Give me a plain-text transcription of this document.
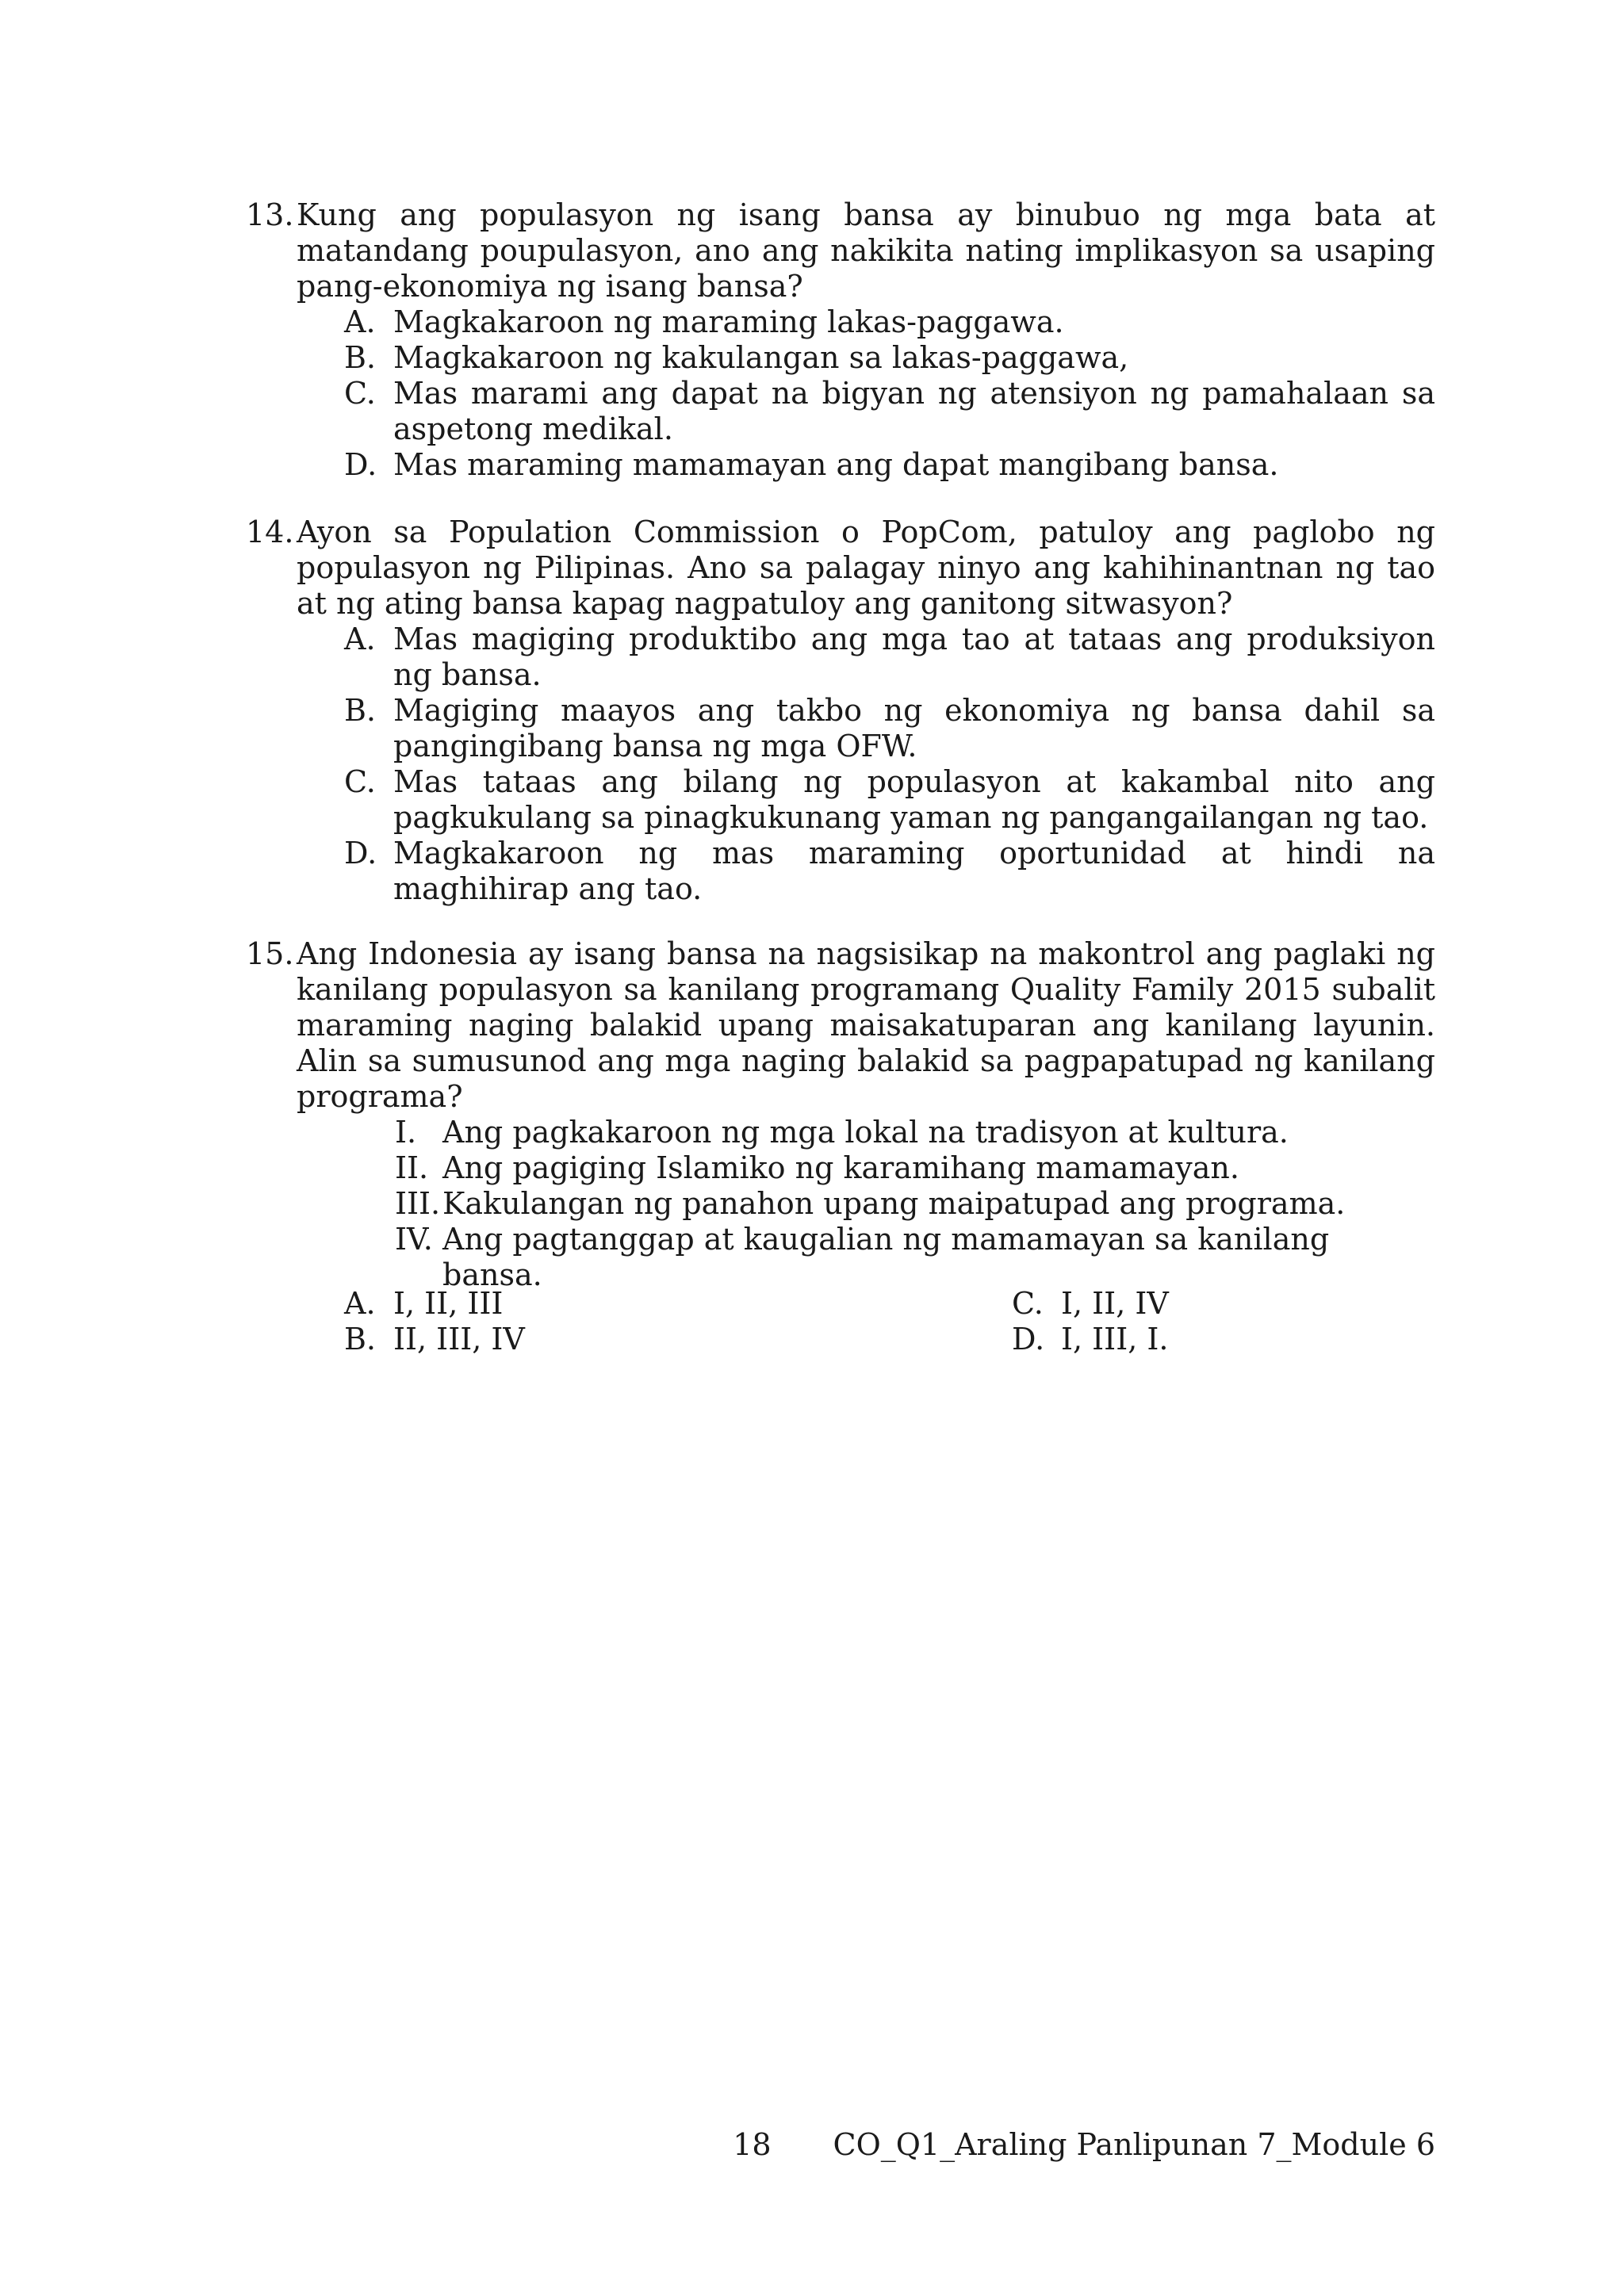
13. Kung ang populasyon ng isang bansa ay binubuo ng mga bata at matandang poupulasyon, ano ang nakikita nating implikasyon sa usaping pang-ekonomiya ng isang bansa?
A. Magkakaroon ng maraming lakas-paggawa.
B. Magkakaroon ng kakulangan sa lakas-paggawa,
C. Mas marami ang dapat na bigyan ng atensiyon ng pamahalaan sa aspetong medikal.
D. Mas maraming mamamayan ang dapat mangibang bansa.
14. Ayon sa Population Commission o PopCom, patuloy ang paglobo ng populasyon ng Pilipinas. Ano sa palagay ninyo ang kahihinantnan ng tao at ng ating bansa kapag nagpatuloy ang ganitong sitwasyon?
A. Mas magiging produktibo ang mga tao at tataas ang produksiyon ng bansa.
B. Magiging maayos ang takbo ng ekonomiya ng bansa dahil sa pangingibang bansa ng mga OFW.
C. Mas tataas ang bilang ng populasyon at kakambal nito ang pagkukulang sa pinagkukunang yaman ng pangangailangan ng tao.
D. Magkakaroon ng mas maraming oportunidad at hindi na maghihirap ang tao.
15. Ang Indonesia ay isang bansa na nagsisikap na makontrol ang paglaki ng kanilang populasyon sa kanilang programang Quality Family 2015 subalit maraming naging balakid upang maisakatuparan ang kanilang layunin. Alin sa sumusunod ang mga naging balakid sa pagpapatupad ng kanilang programa?
I. Ang pagkakaroon ng mga lokal na tradisyon at kultura.
II. Ang pagiging Islamiko ng karamihang mamamayan.
III. Kakulangan ng panahon upang maipatupad ang programa.
IV. Ang pagtanggap at kaugalian ng mamamayan sa kanilang bansa.
A. I, II, III	C. I, II, IV
B. II, III, IV	D. I, III, I.
18 CO_Q1_Araling Panlipunan 7_Module 6
